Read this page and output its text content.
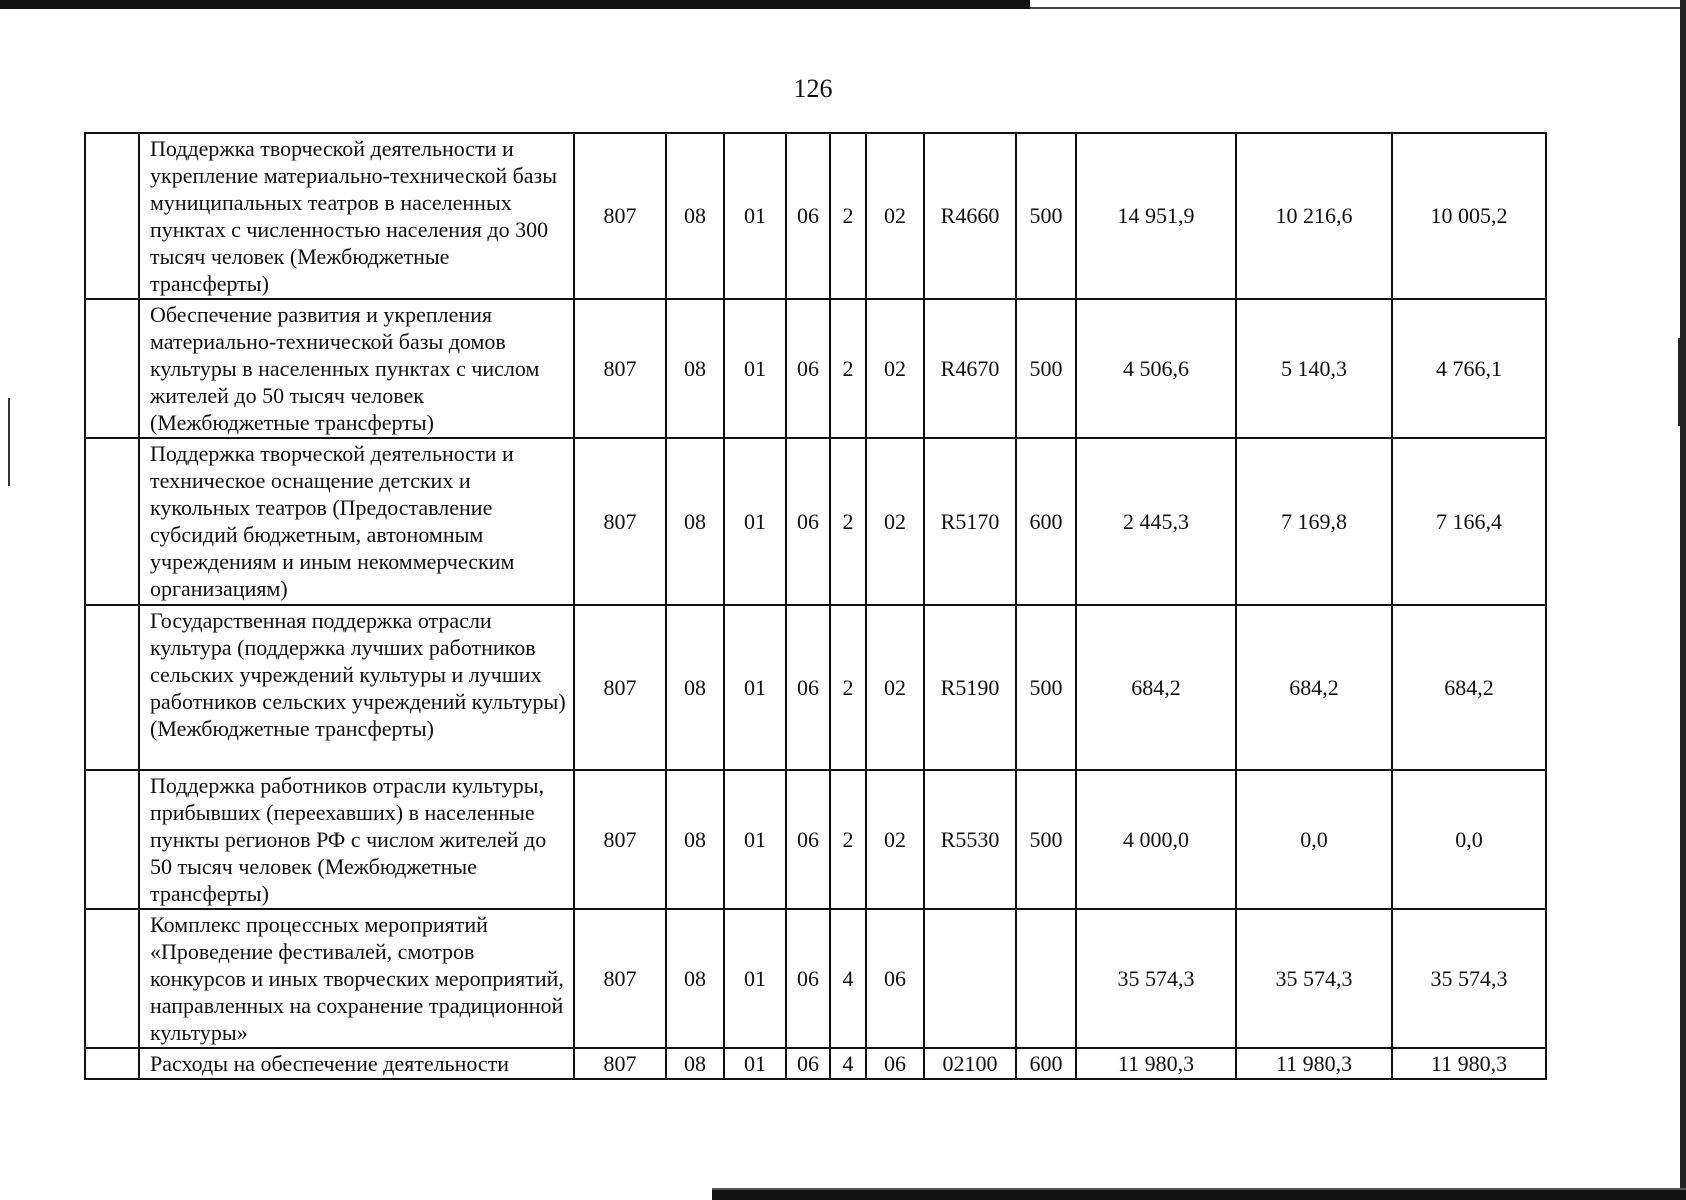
126
	Поддержка творческой деятельности и укрепление материально-технической базы муниципальных театров в населенных пунктах с численностью населения до 300 тысяч человек (Межбюджетные трансферты)	807	08	01	06	2	02	R4660	500	14 951,9	10 216,6	10 005,2
	Обеспечение развития и укрепления материально-технической базы домов культуры в населенных пунктах с числом жителей до 50 тысяч человек (Межбюджетные трансферты)	807	08	01	06	2	02	R4670	500	4 506,6	5 140,3	4 766,1
	Поддержка творческой деятельности и техническое оснащение детских и кукольных театров (Предоставление субсидий бюджетным, автономным учреждениям и иным некоммерческим организациям)	807	08	01	06	2	02	R5170	600	2 445,3	7 169,8	7 166,4
	Государственная поддержка отрасли культура (поддержка лучших работников сельских учреждений культуры и лучших работников сельских учреждений культуры) (Межбюджетные трансферты)	807	08	01	06	2	02	R5190	500	684,2	684,2	684,2
	Поддержка работников отрасли культуры, прибывших (переехавших) в населенные пункты регионов РФ с числом жителей до 50 тысяч человек (Межбюджетные трансферты)	807	08	01	06	2	02	R5530	500	4 000,0	0,0	0,0
	Комплекс процессных мероприятий «Проведение фестивалей, смотров конкурсов и иных творческих мероприятий, направленных на сохранение традиционной культуры»	807	08	01	06	4	06			35 574,3	35 574,3	35 574,3
	Расходы на обеспечение деятельности	807	08	01	06	4	06	02100	600	11 980,3	11 980,3	11 980,3
